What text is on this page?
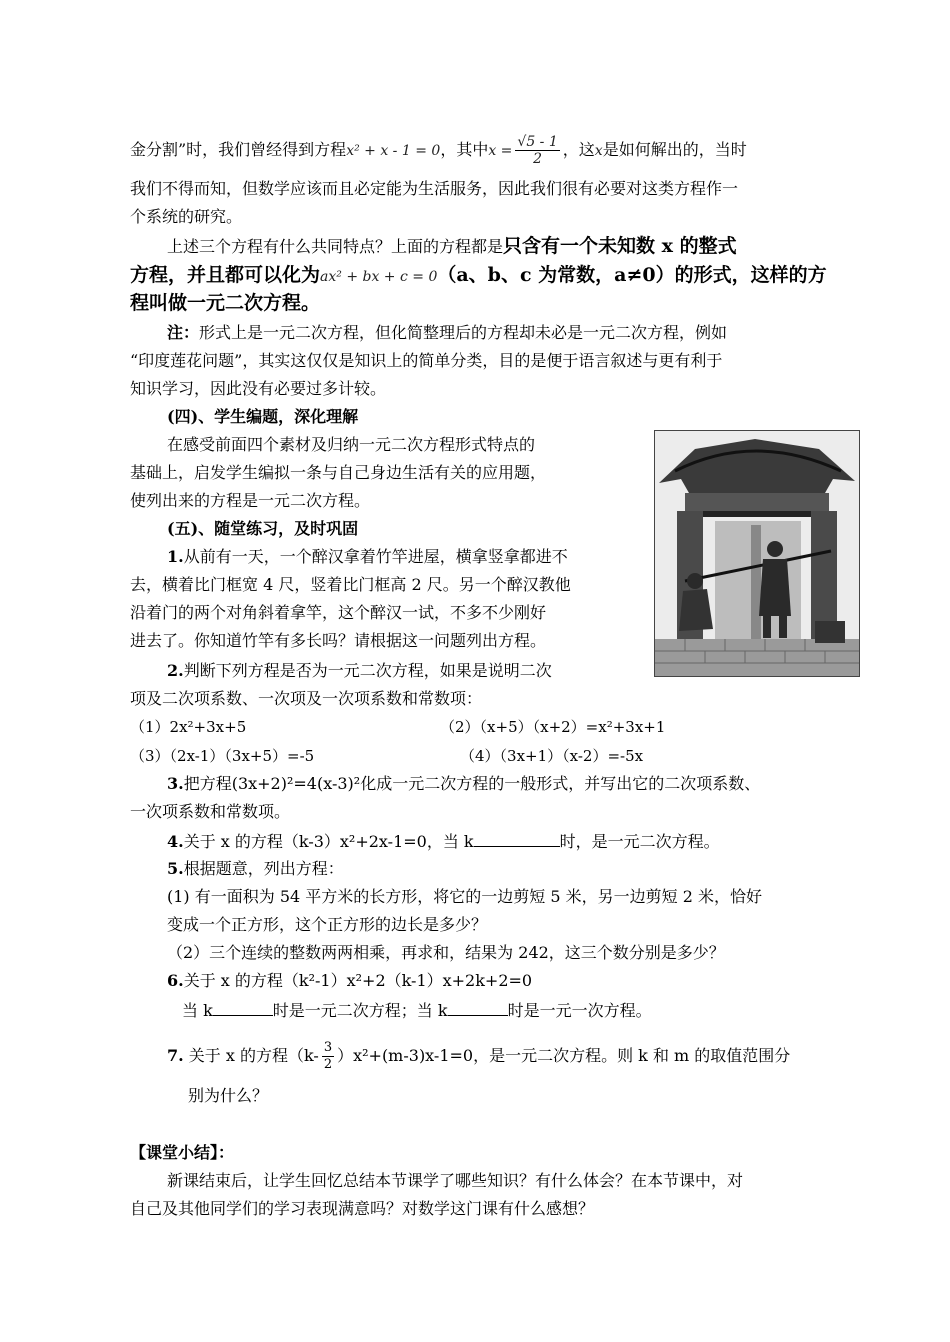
金分割”时，我们曾经得到方程x² + x - 1 = 0，其中$x = \frac{√5 - 1}{2}$ ，这x是如何解出的，当时
我们不得而知，但数学应该而且必定能为生活服务，因此我们很有必要对这类方程作一
个系统的研究。
上述三个方程有什么共同特点？上面的方程都是只含有一个未知数 x 的整式
方程，并且都可以化为ax² + bx + c = 0（a、b、c 为常数，a≠0）的形式，这样的方
程叫做一元二次方程。
注：形式上是一元二次方程，但化简整理后的方程却未必是一元二次方程，例如
“印度莲花问题”，其实这仅仅是知识上的简单分类，目的是便于语言叙述与更有利于
知识学习，因此没有必要过多计较。
(四)、学生编题，深化理解
在感受前面四个素材及归纳一元二次方程形式特点的
基础上，启发学生编拟一条与自己身边生活有关的应用题，
使列出来的方程是一元二次方程。
(五)、随堂练习，及时巩固
1.从前有一天，一个醉汉拿着竹竿进屋，横拿竖拿都进不
去，横着比门框宽 4 尺，竖着比门框高 2 尺。另一个醉汉教他
沿着门的两个对角斜着拿竿，这个醉汉一试，不多不少刚好
进去了。你知道竹竿有多长吗？请根据这一问题列出方程。
2.判断下列方程是否为一元二次方程，如果是说明二次
项及二次项系数、一次项及一次项系数和常数项：
（1）2x²+3x+5	（2）（x+5）（x+2）=x²+3x+1
（3）（2x-1）（3x+5）=-5	（4）（3x+1）（x-2）=-5x
3.把方程(3x+2)²=4(x-3)²化成一元二次方程的一般形式，并写出它的二次项系数、
一次项系数和常数项。
4.关于 x 的方程（k-3）x²+2x-1=0，当 k	时，是一元二次方程。
5.根据题意，列出方程：
(1) 有一面积为 54 平方米的长方形，将它的一边剪短 5 米，另一边剪短 2 米，恰好
变成一个正方形，这个正方形的边长是多少？
（2）三个连续的整数两两相乘，再求和，结果为 242，这三个数分别是多少？
6.关于 x 的方程（k²-1）x²+2（k-1）x+2k+2=0
当 k	时是一元二次方程；当 k	时是一元一次方程。
7. 关于 x 的方程$(k- \frac{3}{2} )x^2+(m-3)x-1=0$，是一元二次方程。则 k 和 m 的取值范围分
别为什么？
【课堂小结】：
新课结束后，让学生回忆总结本节课学了哪些知识？有什么体会？在本节课中，对
自己及其他同学们的学习表现满意吗？对数学这门课有什么感想？
